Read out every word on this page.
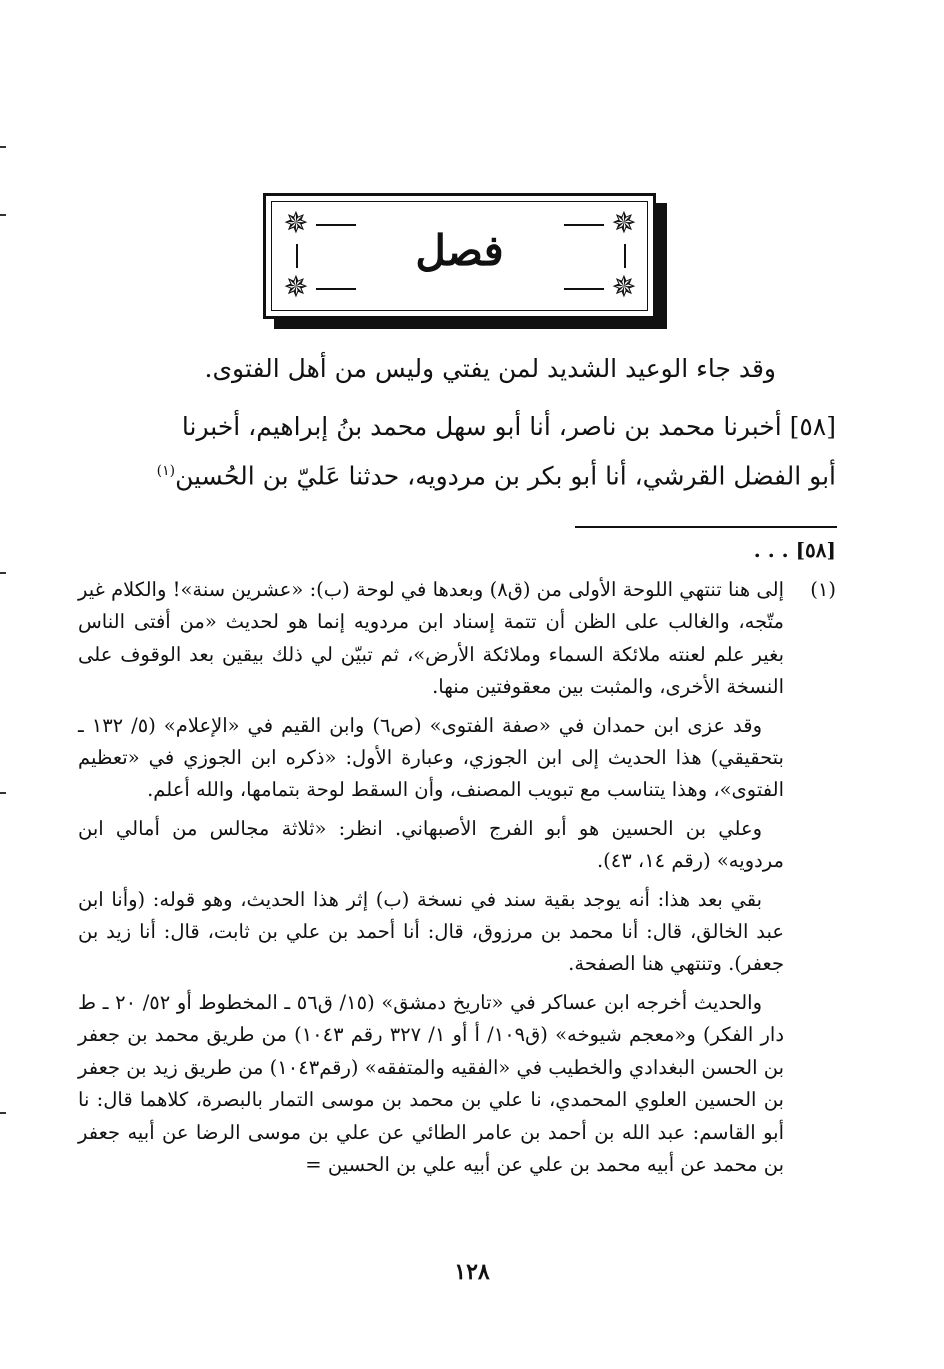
✵	✵
✵	✵
فصل
وقد جاء الوعيد الشديد لمن يفتي وليس من أهل الفتوى.

[٥٨] أخبرنا محمد بن ناصر، أنا أبو سهل محمد بنُ إبراهيم، أخبرنا

أبو الفضل القرشي، أنا أبو بكر بن مردويه، حدثنا عَليّ بن الحُسين$^{(١)}$

[٥٨] . . .
(١)

إلى هنا تنتهي اللوحة الأولى من (ق٨) وبعدها في لوحة (ب): «عشرين سنة»! والكلام غير متّجه، والغالب على الظن أن تتمة إسناد ابن مردويه إنما هو لحديث «من أفتى الناس بغير علم لعنته ملائكة السماء وملائكة الأرض»، ثم تبيّن لي ذلك بيقين بعد الوقوف على النسخة الأخرى، والمثبت بين معقوفتين منها.

وقد عزى ابن حمدان في «صفة الفتوى» (ص٦) وابن القيم في «الإعلام» (٥/ ١٣٢ ـ بتحقيقي) هذا الحديث إلى ابن الجوزي، وعبارة الأول: «ذكره ابن الجوزي في «تعظيم الفتوى»، وهذا يتناسب مع تبويب المصنف، وأن السقط لوحة بتمامها، والله أعلم.

وعلي بن الحسين هو أبو الفرج الأصبهاني. انظر: «ثلاثة مجالس من أمالي ابن مردويه» (رقم ١٤، ٤٣).

بقي بعد هذا: أنه يوجد بقية سند في نسخة (ب) إثر هذا الحديث، وهو قوله: (وأنا ابن عبد الخالق، قال: أنا محمد بن مرزوق، قال: أنا أحمد بن علي بن ثابت، قال: أنا زيد بن جعفر). وتنتهي هنا الصفحة.

والحديث أخرجه ابن عساكر في «تاريخ دمشق» (١٥/ ق٥٦ ـ المخطوط أو ٥٢/ ٢٠ ـ ط دار الفكر) و«معجم شيوخه» (ق١٠٩/ أ أو ١/ ٣٢٧ رقم ١٠٤٣) من طريق محمد بن جعفر بن الحسن البغدادي والخطيب في «الفقيه والمتفقه» (رقم١٠٤٣) من طريق زيد بن جعفر بن الحسين العلوي المحمدي، نا علي بن محمد بن موسى التمار بالبصرة، كلاهما قال: نا أبو القاسم: عبد الله بن أحمد بن عامر الطائي عن علي بن موسى الرضا عن أبيه جعفر بن محمد عن أبيه محمد بن علي عن أبيه علي بن الحسين =

١٢٨
